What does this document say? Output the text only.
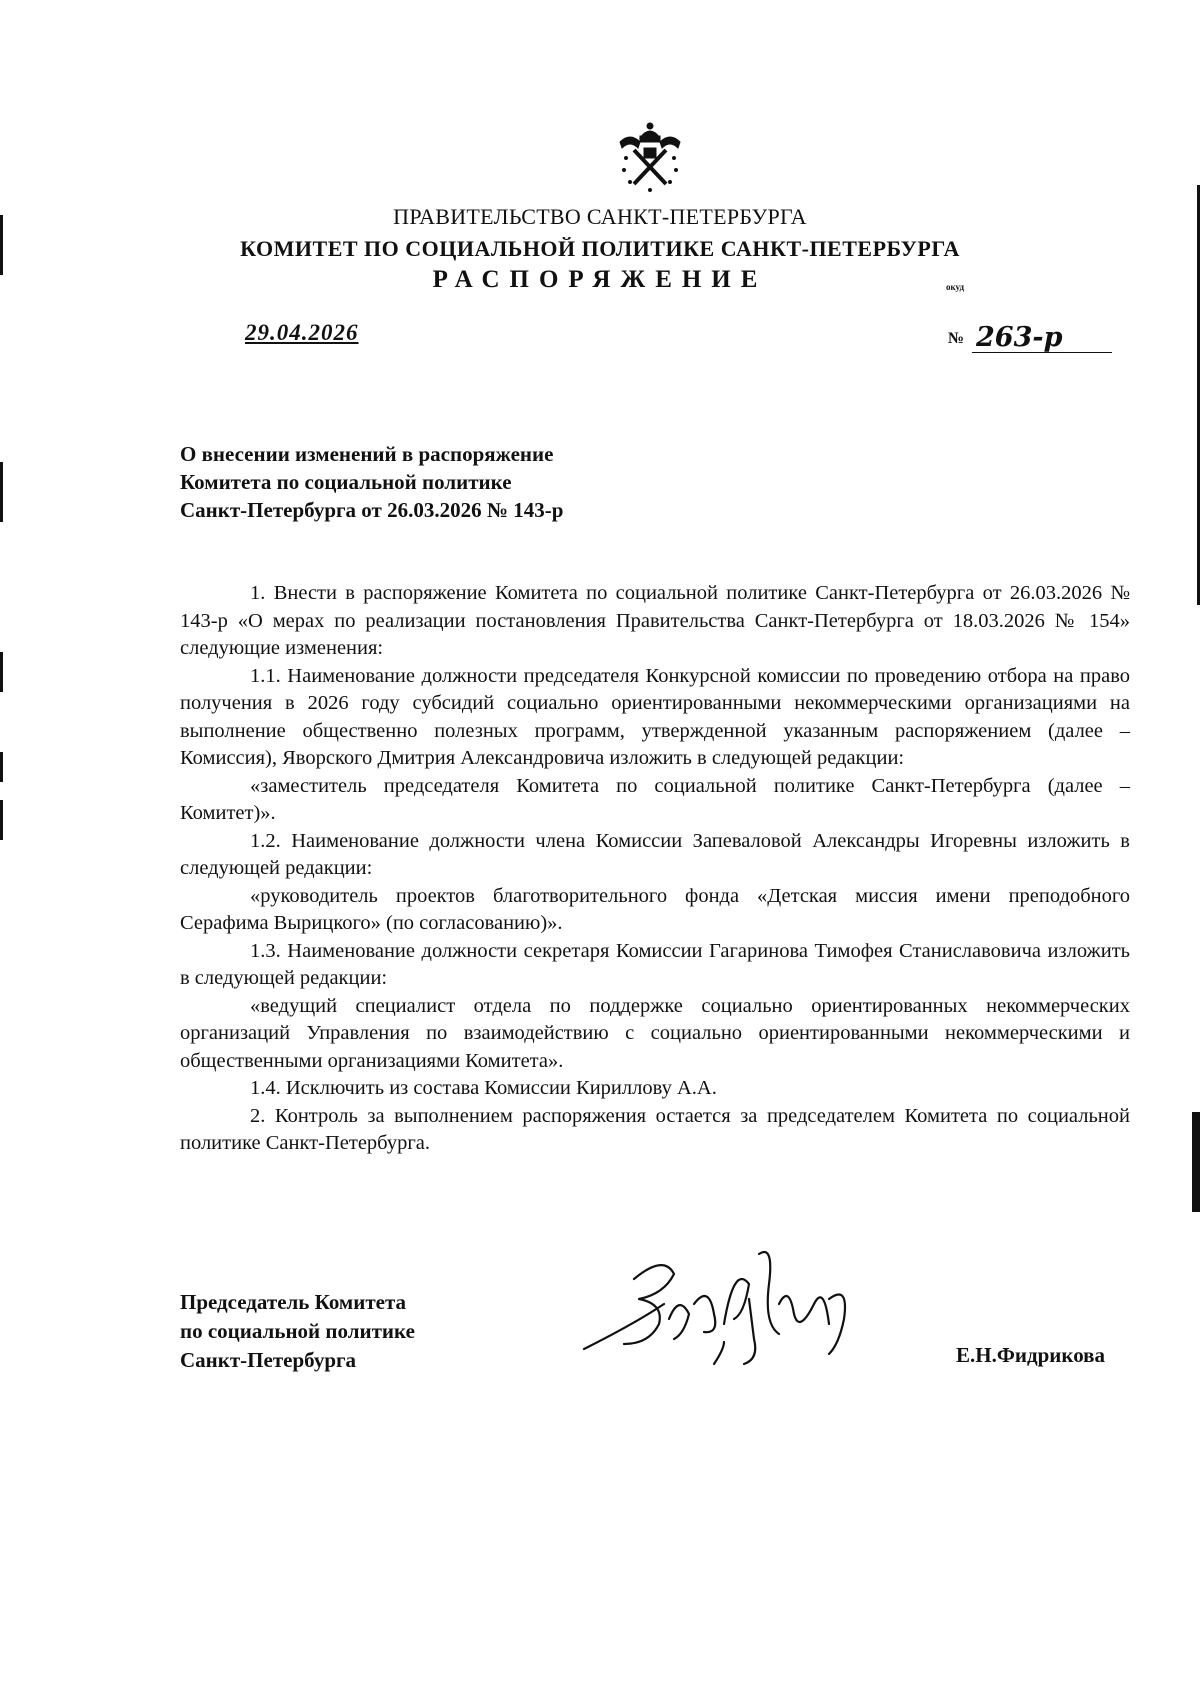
ПРАВИТЕЛЬСТВО САНКТ-ПЕТЕРБУРГА
КОМИТЕТ ПО СОЦИАЛЬНОЙ ПОЛИТИКЕ САНКТ-ПЕТЕРБУРГА
РАСПОРЯЖЕНИЕ	окуд
29.04.2026	№ 263-р
О внесении изменений в распоряжение
Комитета по социальной политике
Санкт-Петербурга от 26.03.2026 № 143-р

1. Внести в распоряжение Комитета по социальной политике Санкт-Петербурга от 26.03.2026 № 143-р «О мерах по реализации постановления Правительства Санкт-Петербурга от 18.03.2026 № 154» следующие изменения:

1.1. Наименование должности председателя Конкурсной комиссии по проведению отбора на право получения в 2026 году субсидий социально ориентированными некоммерческими организациями на выполнение общественно полезных программ, утвержденной указанным распоряжением (далее – Комиссия), Яворского Дмитрия Александровича изложить в следующей редакции:

«заместитель председателя Комитета по социальной политике Санкт-Петербурга (далее – Комитет)».

1.2. Наименование должности члена Комиссии Запеваловой Александры Игоревны изложить в следующей редакции:

«руководитель проектов благотворительного фонда «Детская миссия имени преподобного Серафима Вырицкого» (по согласованию)».

1.3. Наименование должности секретаря Комиссии Гагаринова Тимофея Станиславовича изложить в следующей редакции:

«ведущий специалист отдела по поддержке социально ориентированных некоммерческих организаций Управления по взаимодействию с социально ориентированными некоммерческими и общественными организациями Комитета».

1.4. Исключить из состава Комиссии Кириллову А.А.

2. Контроль за выполнением распоряжения остается за председателем Комитета по социальной политике Санкт-Петербурга.

Председатель Комитета
по социальной политике
Санкт-Петербурга	Е.Н.Фидрикова
